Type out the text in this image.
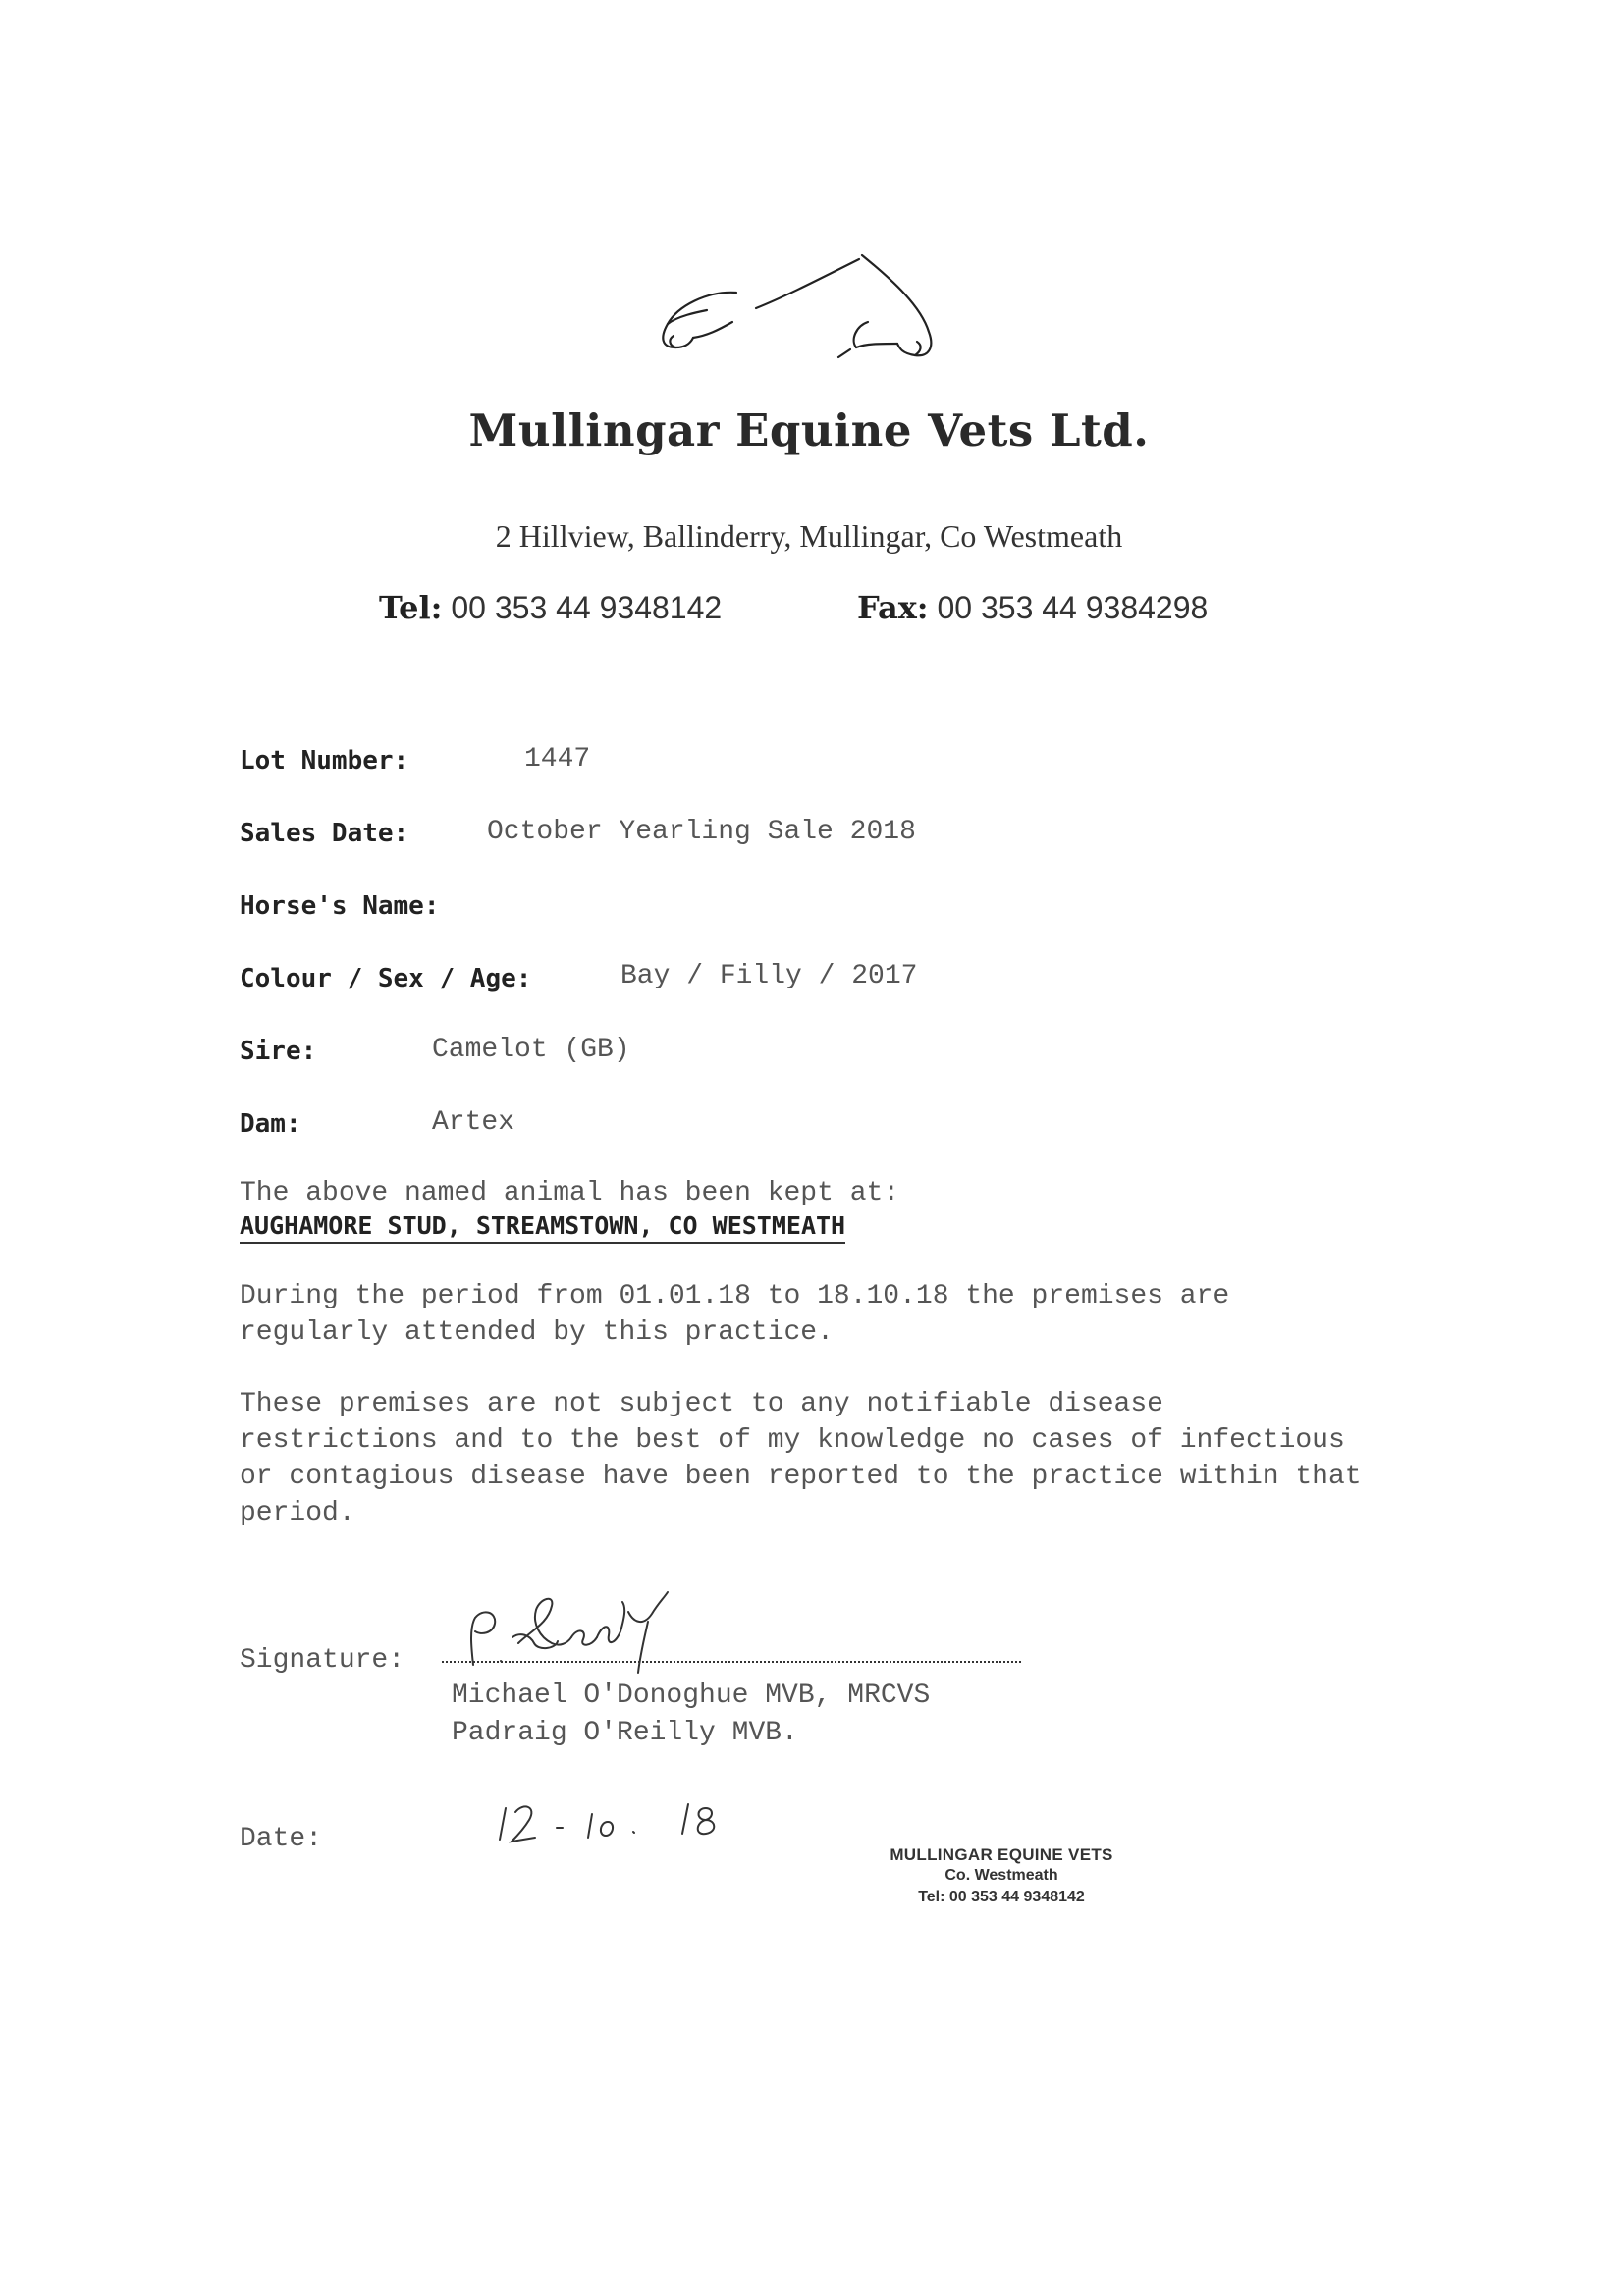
Mullingar Equine Vets Ltd.
2 Hillview, Ballinderry, Mullingar, Co Westmeath
Tel: 00 353 44 9348142	Fax: 00 353 44 9384298
Lot Number:	1447
Sales Date:	October Yearling Sale 2018
Horse's Name:
Colour / Sex / Age:	Bay / Filly / 2017
Sire:	Camelot (GB)
Dam:	Artex
The above named animal has been kept at:
AUGHAMORE STUD, STREAMSTOWN, CO WESTMEATH
During the period from 01.01.18 to 18.10.18 the premises are regularly attended by this practice.
These premises are not subject to any notifiable disease restrictions and to the best of my knowledge no cases of infectious or contagious disease have been reported to the practice within that period.
Signature:
Michael O'Donoghue MVB, MRCVS
Padraig O'Reilly MVB.
Date:
MULLINGAR EQUINE VETS
Co. Westmeath
Tel: 00 353 44 9348142
